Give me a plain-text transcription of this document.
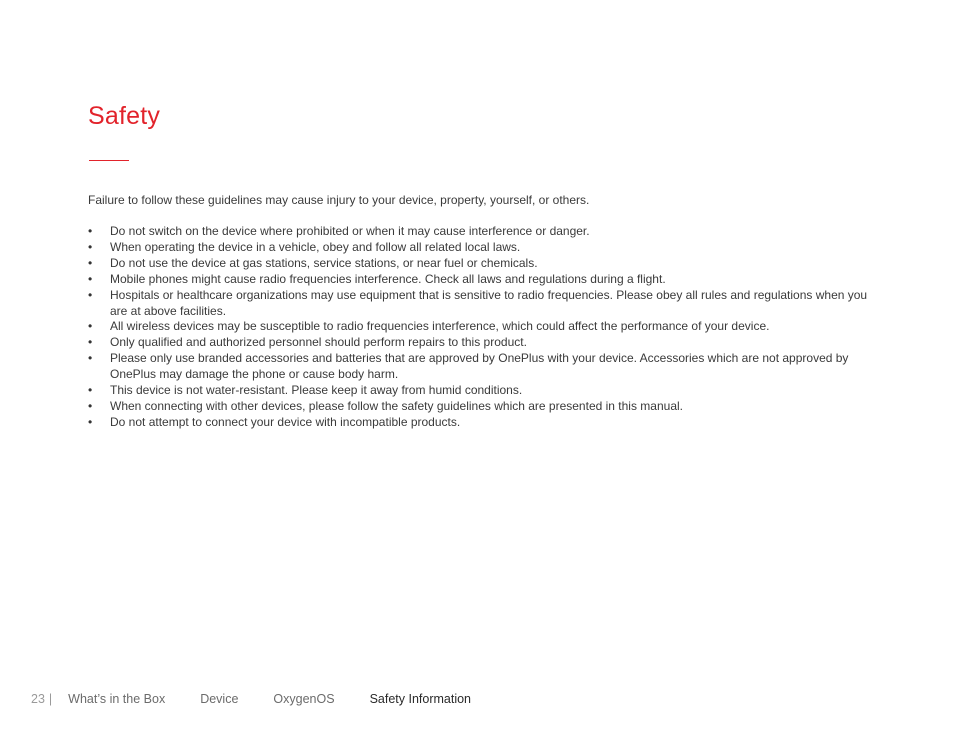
Safety

Failure to follow these guidelines may cause injury to your device, property, yourself, or others.

• Do not switch on the device where prohibited or when it may cause interference or danger.
• When operating the device in a vehicle, obey and follow all related local laws.
• Do not use the device at gas stations, service stations, or near fuel or chemicals.
• Mobile phones might cause radio frequencies interference. Check all laws and regulations during a flight.
• Hospitals or healthcare organizations may use equipment that is sensitive to radio frequencies. Please obey all rules and regulations when you are at above facilities.
• All wireless devices may be susceptible to radio frequencies interference, which could affect the performance of your device.
• Only qualified and authorized personnel should perform repairs to this product.
• Please only use branded accessories and batteries that are approved by OnePlus with your device. Accessories which are not approved by OnePlus may damage the phone or cause body harm.
• This device is not water-resistant. Please keep it away from humid conditions.
• When connecting with other devices, please follow the safety guidelines which are presented in this manual.
• Do not attempt to connect your device with incompatible products.
23 | What’s in the Box	Device	OxygenOS	Safety Information
